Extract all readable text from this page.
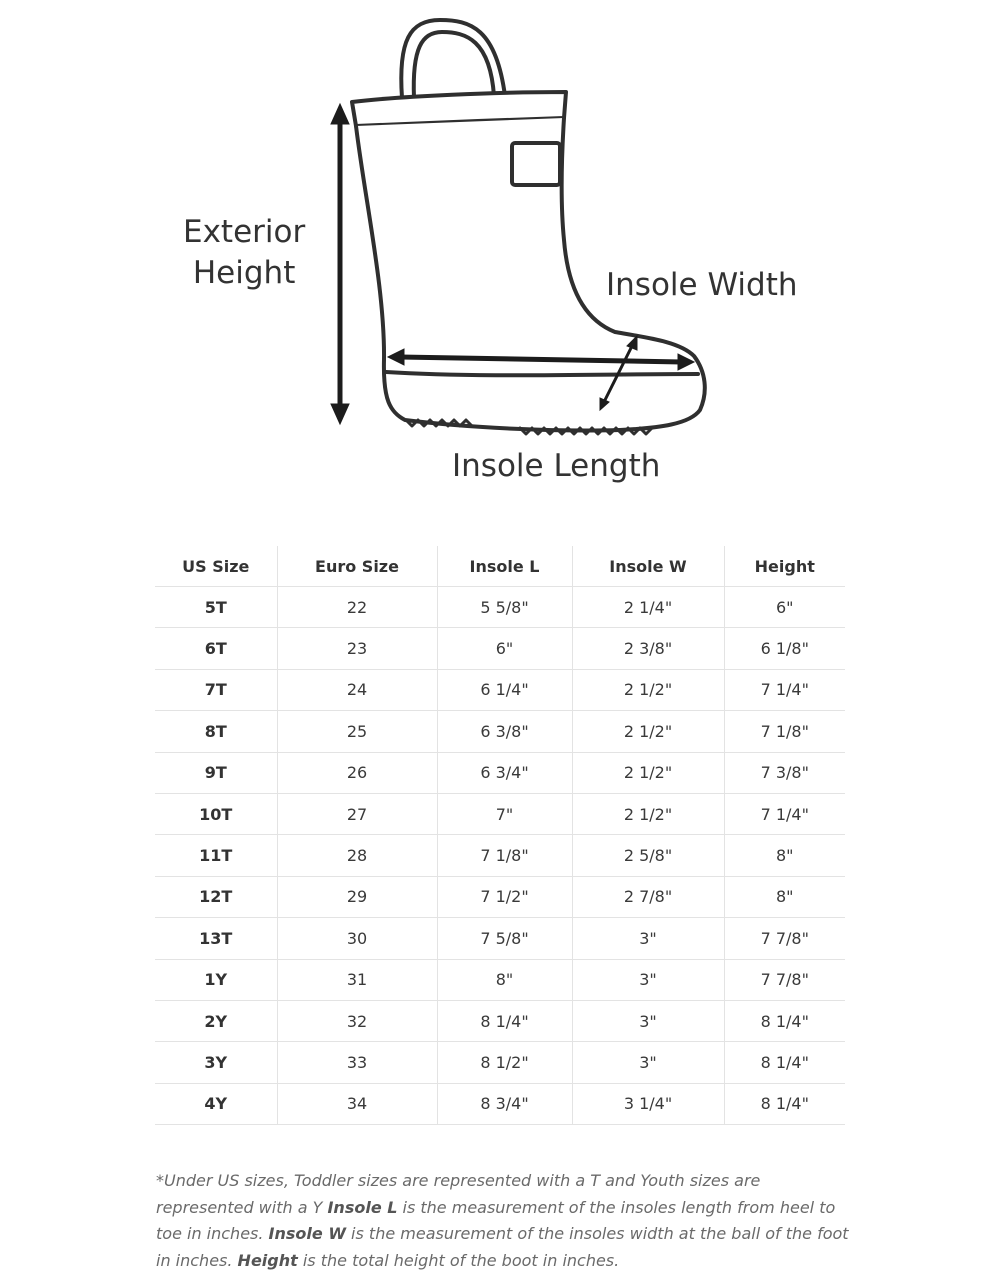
Exterior
Height	Insole Width
Insole Length
US Size	Euro Size	Insole L	Insole W	Height
5T	22	5 5/8"	2 1/4"	6"
6T	23	6"	2 3/8"	6 1/8"
7T	24	6 1/4"	2 1/2"	7 1/4"
8T	25	6 3/8"	2 1/2"	7 1/8"
9T	26	6 3/4"	2 1/2"	7 3/8"
10T	27	7"	2 1/2"	7 1/4"
11T	28	7 1/8"	2 5/8"	8"
12T	29	7 1/2"	2 7/8"	8"
13T	30	7 5/8"	3"	7 7/8"
1Y	31	8"	3"	7 7/8"
2Y	32	8 1/4"	3"	8 1/4"
3Y	33	8 1/2"	3"	8 1/4"
4Y	34	8 3/4"	3 1/4"	8 1/4"

*Under US sizes, Toddler sizes are represented with a T and Youth sizes are represented with a Y Insole L is the measurement of the insoles length from heel to toe in inches. Insole W is the measurement of the insoles width at the ball of the foot in inches. Height is the total height of the boot in inches.
